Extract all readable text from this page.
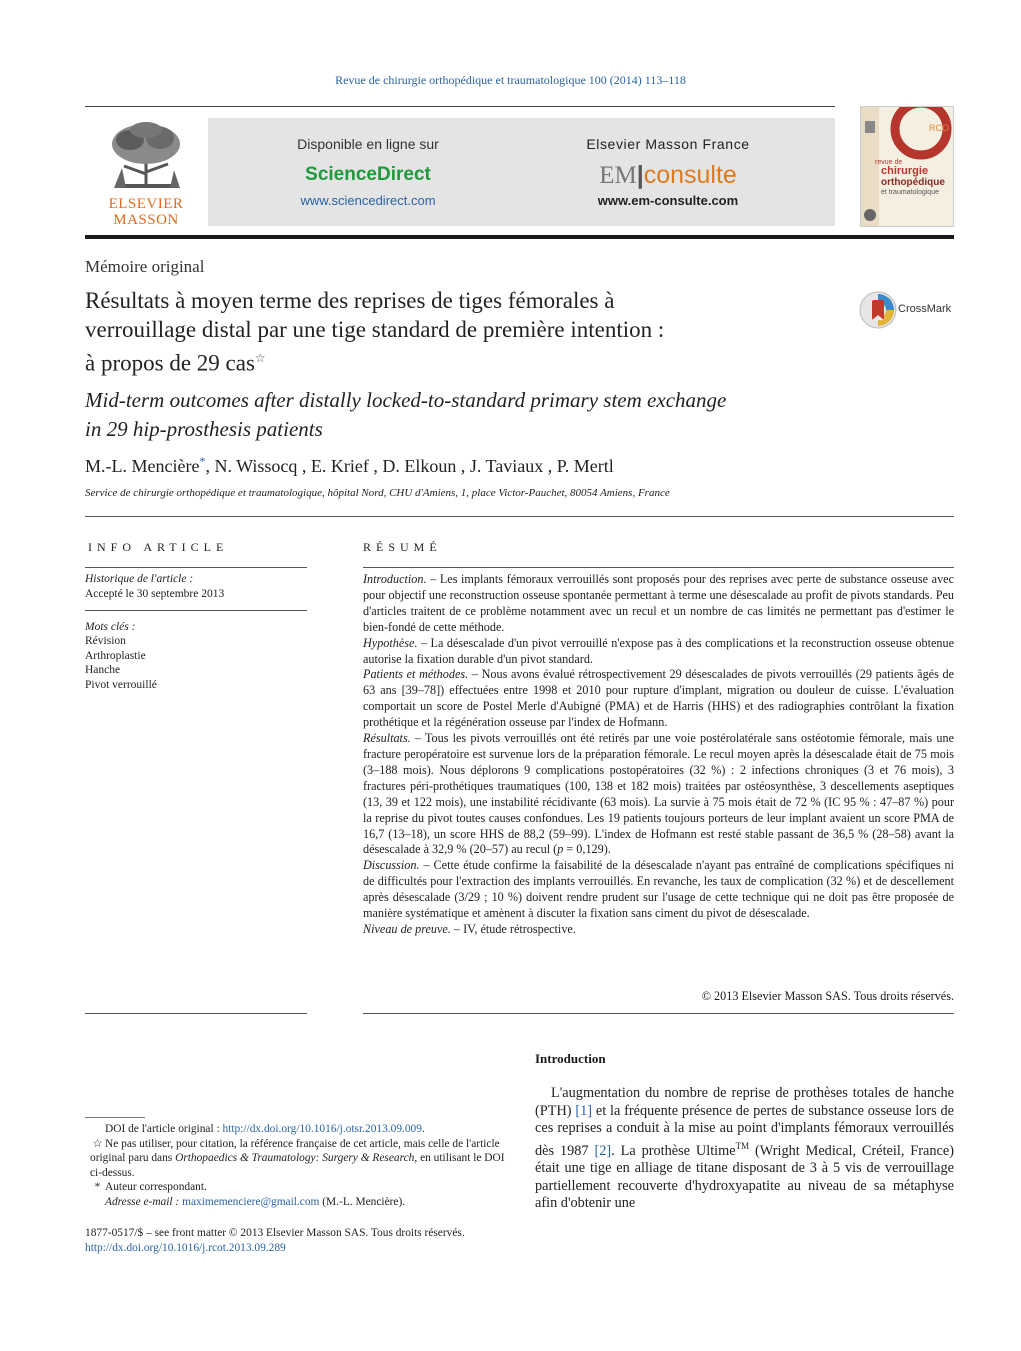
Revue de chirurgie orthopédique et traumatologique 100 (2014) 113–118
ELSEVIER
MASSON
Disponible en ligne sur
ScienceDirect
www.sciencedirect.com
Elsevier Masson France
EM|consulte
www.em-consulte.com
RCO
revue de
chirurgie
orthopédique
et traumatologique
Mémoire original
Résultats à moyen terme des reprises de tiges fémorales à
verrouillage distal par une tige standard de première intention :
à propos de 29 cas☆
CrossMark
Mid-term outcomes after distally locked-to-standard primary stem exchange
in 29 hip-prosthesis patients
M.-L. Mencière*, N. Wissocq , E. Krief , D. Elkoun , J. Taviaux , P. Mertl
Service de chirurgie orthopédique et traumatologique, hôpital Nord, CHU d'Amiens, 1, place Victor-Pauchet, 80054 Amiens, France
INFO ARTICLE
Historique de l'article :
Accepté le 30 septembre 2013
Mots clés :
Révision
Arthroplastie
Hanche
Pivot verrouillé
RÉSUMÉ

Introduction. – Les implants fémoraux verrouillés sont proposés pour des reprises avec perte de substance osseuse avec pour objectif une reconstruction osseuse spontanée permettant à terme une désescalade au profit de pivots standards. Peu d'articles traitent de ce problème notamment avec un recul et un nombre de cas limités ne permettant pas d'estimer le bien-fondé de cette méthode.

Hypothèse. – La désescalade d'un pivot verrouillé n'expose pas à des complications et la reconstruction osseuse obtenue autorise la fixation durable d'un pivot standard.

Patients et méthodes. – Nous avons évalué rétrospectivement 29 désescalades de pivots verrouillés (29 patients âgés de 63 ans [39–78]) effectuées entre 1998 et 2010 pour rupture d'implant, migration ou douleur de cuisse. L'évaluation comportait un score de Postel Merle d'Aubigné (PMA) et de Harris (HHS) et des radiographies contrôlant la fixation prothétique et la régénération osseuse par l'index de Hofmann.

Résultats. – Tous les pivots verrouillés ont été retirés par une voie postérolatérale sans ostéotomie fémorale, mais une fracture peropératoire est survenue lors de la préparation fémorale. Le recul moyen après la désescalade était de 75 mois (3–188 mois). Nous déplorons 9 complications postopératoires (32 %) : 2 infections chroniques (3 et 76 mois), 3 fractures péri-prothétiques traumatiques (100, 138 et 182 mois) traitées par ostéosynthèse, 3 descellements aseptiques (13, 39 et 122 mois), une instabilité récidivante (63 mois). La survie à 75 mois était de 72 % (IC 95 % : 47–87 %) pour la reprise du pivot toutes causes confondues. Les 19 patients toujours porteurs de leur implant avaient un score PMA de 16,7 (13–18), un score HHS de 88,2 (59–99). L'index de Hofmann est resté stable passant de 36,5 % (28–58) avant la désescalade à 32,9 % (20–57) au recul (p = 0,129).

Discussion. – Cette étude confirme la faisabilité de la désescalade n'ayant pas entraîné de complications spécifiques ni de difficultés pour l'extraction des implants verrouillés. En revanche, les taux de complication (32 %) et de descellement après désescalade (3/29 ; 10 %) doivent rendre prudent sur l'usage de cette technique qui ne doit pas être proposée de manière systématique et amènent à discuter la fixation sans ciment du pivot de désescalade.

Niveau de preuve. – IV, étude rétrospective.

© 2013 Elsevier Masson SAS. Tous droits réservés.
Introduction
L'augmentation du nombre de reprise de prothèses totales de hanche (PTH) [1] et la fréquente présence de pertes de substance osseuse lors de ces reprises a conduit à la mise au point d'implants fémoraux verrouillés dès 1987 [2]. La prothèse Ultime™ (Wright Medical, Créteil, France) était une tige en alliage de titane disposant de 3 à 5 vis de verrouillage partiellement recouverte d'hydroxyapatite au niveau de sa métaphyse afin d'obtenir une
DOI de l'article original : http://dx.doi.org/10.1016/j.otsr.2013.09.009.
☆ Ne pas utiliser, pour citation, la référence française de cet article, mais celle de l'article original paru dans Orthopaedics & Traumatology: Surgery & Research, en utilisant le DOI ci-dessus.
* Auteur correspondant.
Adresse e-mail : maximemenciere@gmail.com (M.-L. Mencière).
1877-0517/$ – see front matter © 2013 Elsevier Masson SAS. Tous droits réservés.
http://dx.doi.org/10.1016/j.rcot.2013.09.289
